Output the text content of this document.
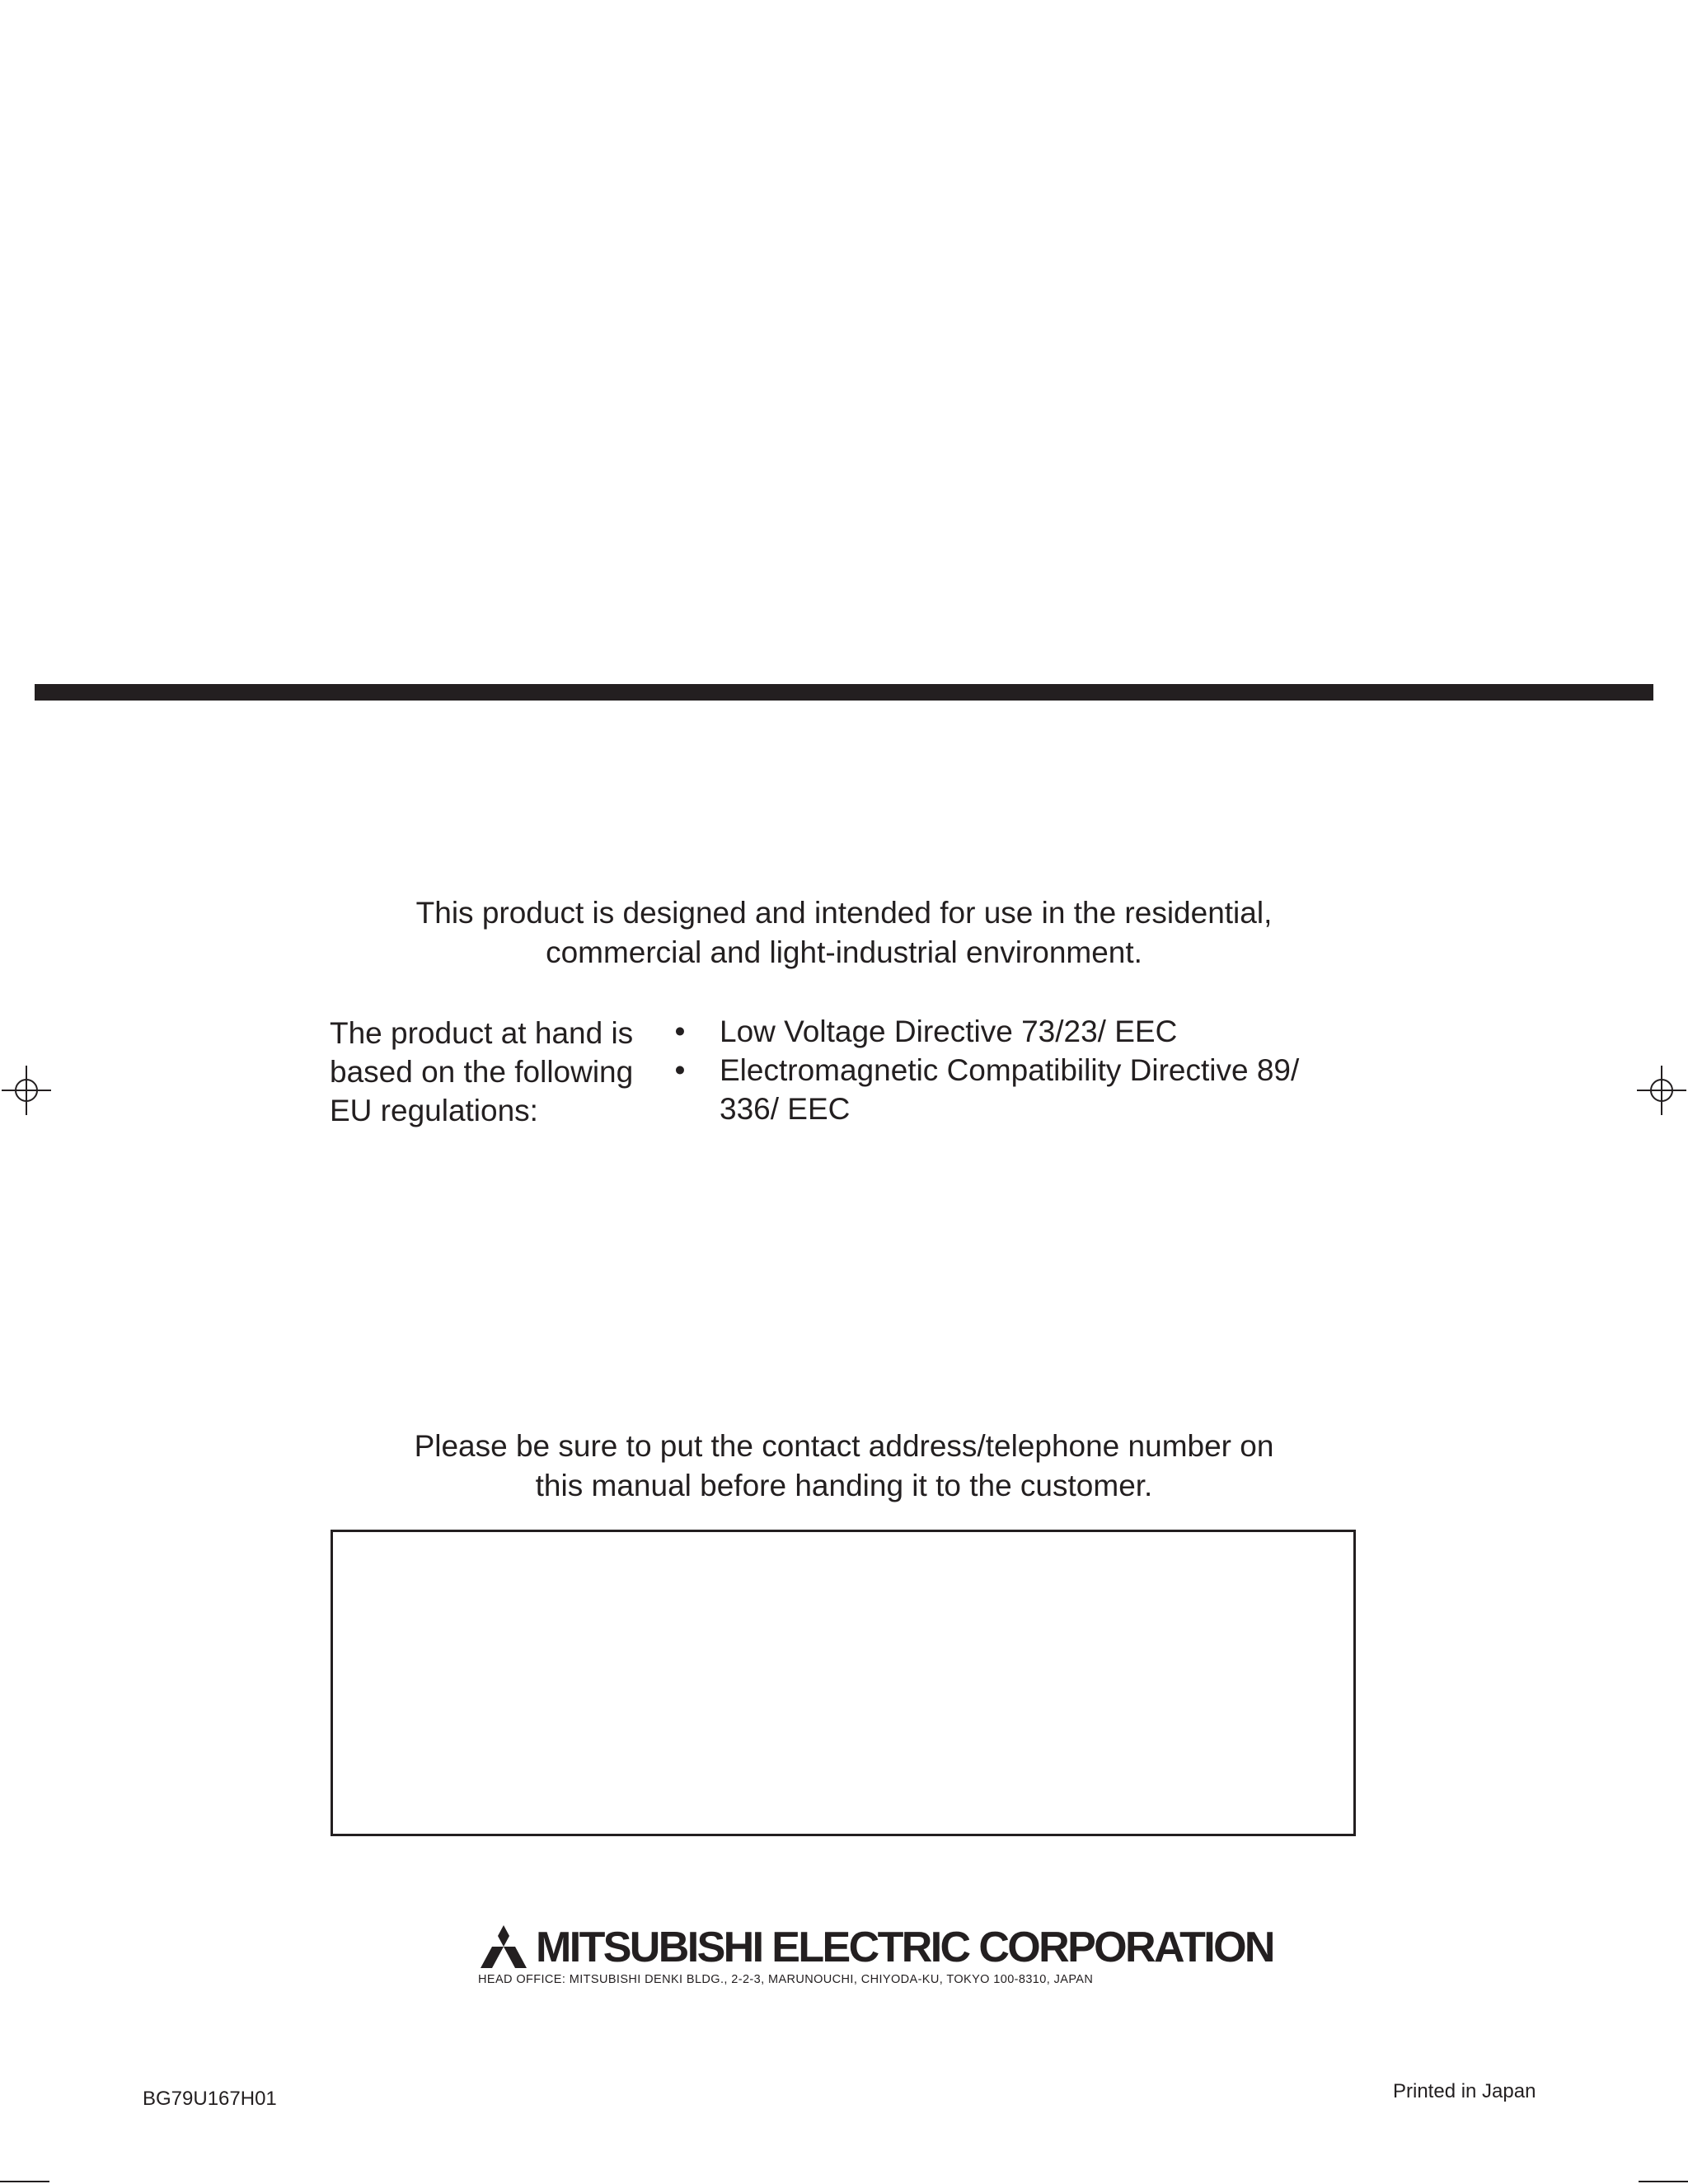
This product is designed and intended for use in the residential,

commercial and light-industrial environment.

The product at hand is
based on the following
EU regulations:
• Low Voltage Directive 73/23/ EEC
• Electromagnetic Compatibility Directive 89/ 336/ EEC

Please be sure to put the contact address/telephone number on

this manual before handing it to the customer.

MITSUBISHI ELECTRIC CORPORATION
HEAD OFFICE: MITSUBISHI DENKI BLDG., 2-2-3, MARUNOUCHI, CHIYODA-KU, TOKYO 100-8310, JAPAN
BG79U167H01	Printed in Japan
